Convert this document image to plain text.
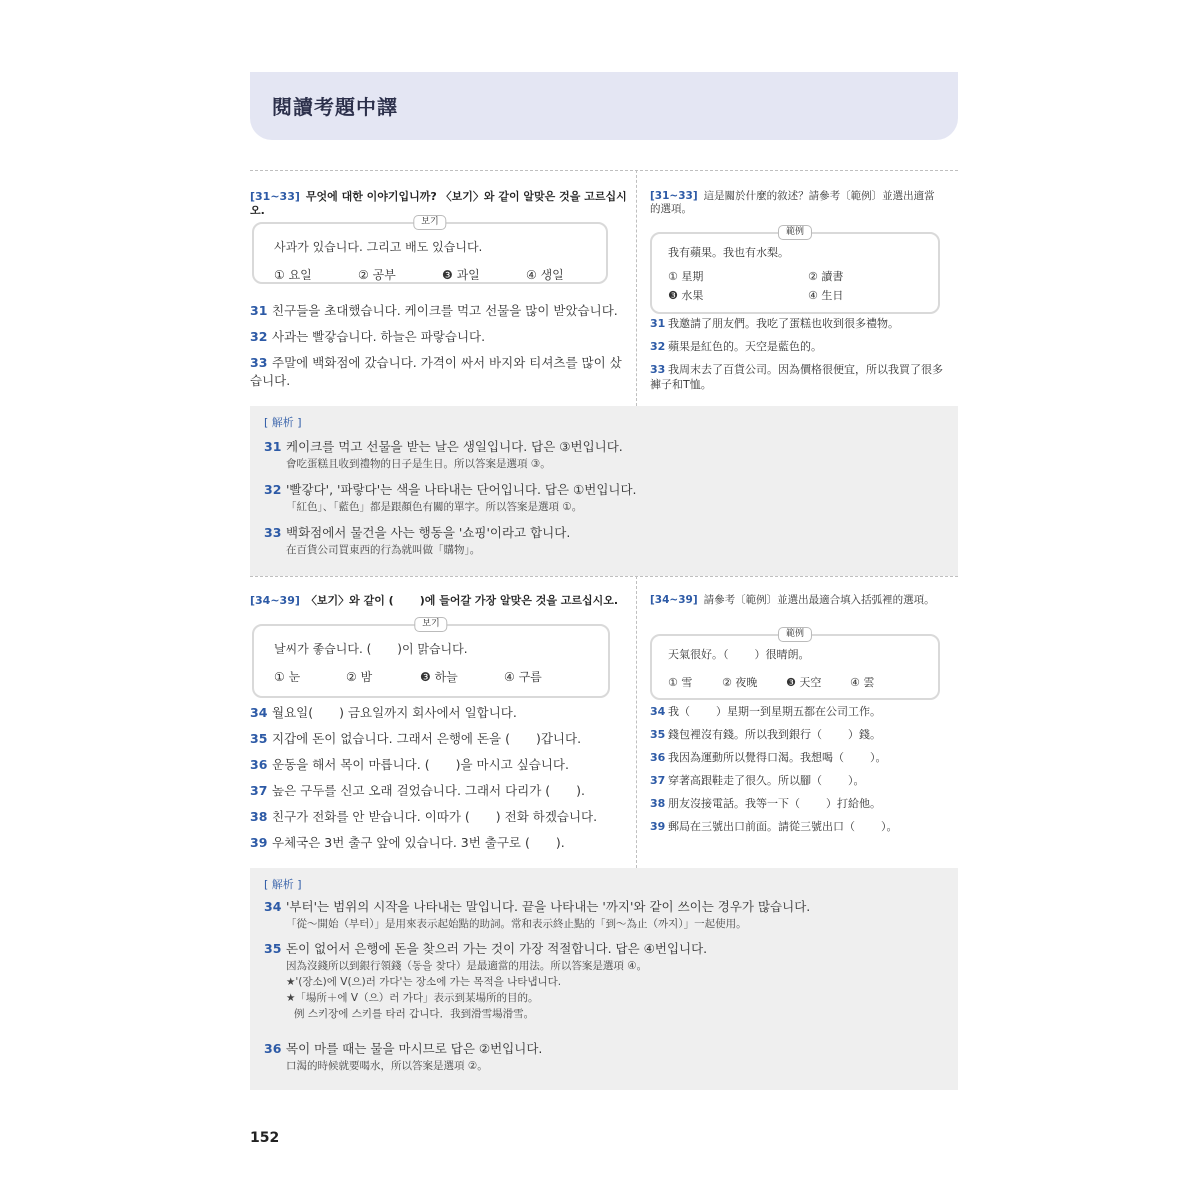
閱讀考題中譯
[31~33] 무엇에 대한 이야기입니까? 〈보기〉와 같이 알맞은 것을 고르십시오.
보기
사과가 있습니다. 그리고 배도 있습니다.
① 요일	② 공부	❸ 과일	④ 생일
31 친구들을 초대했습니다. 케이크를 먹고 선물을 많이 받았습니다.
32 사과는 빨갛습니다. 하늘은 파랗습니다.
33 주말에 백화점에 갔습니다. 가격이 싸서 바지와 티셔츠를 많이 샀습니다.
[31~33] 這是關於什麼的敘述？請參考〔範例〕並選出適當的選項。
範例
我有蘋果。我也有水梨。
① 星期	② 讀書
❸ 水果	④ 生日
31 我邀請了朋友們。我吃了蛋糕也收到很多禮物。
32 蘋果是紅色的。天空是藍色的。
33 我周末去了百貨公司。因為價格很便宜，所以我買了很多褲子和T恤。
[ 解析 ]
31 케이크를 먹고 선물을 받는 날은 생일입니다. 답은 ③번입니다.
會吃蛋糕且收到禮物的日子是生日。所以答案是選項 ③。
32 '빨갛다', '파랗다'는 색을 나타내는 단어입니다. 답은 ①번입니다.
「紅色」、「藍色」都是跟顏色有關的單字。所以答案是選項 ①。
33 백화점에서 물건을 사는 행동을 '쇼핑'이라고 합니다.
在百貨公司買東西的行為就叫做「購物」。
[34~39] 〈보기〉와 같이 ( )에 들어갈 가장 알맞은 것을 고르십시오.
보기
날씨가 좋습니다. ( )이 맑습니다.
① 눈	② 밤	❸ 하늘	④ 구름
34 월요일( ) 금요일까지 회사에서 일합니다.
35 지갑에 돈이 없습니다. 그래서 은행에 돈을 ( )갑니다.
36 운동을 해서 목이 마릅니다. ( )을 마시고 싶습니다.
37 높은 구두를 신고 오래 걸었습니다. 그래서 다리가 ( ).
38 친구가 전화를 안 받습니다. 이따가 ( ) 전화 하겠습니다.
39 우체국은 3번 출구 앞에 있습니다. 3번 출구로 ( ).
[34~39] 請參考〔範例〕並選出最適合填入括弧裡的選項。
範例
天氣很好。（ ）很晴朗。
① 雪	② 夜晚	❸ 天空	④ 雲
34 我（ ）星期一到星期五都在公司工作。
35 錢包裡沒有錢。所以我到銀行（ ）錢。
36 我因為運動所以覺得口渴。我想喝（ ）。
37 穿著高跟鞋走了很久。所以腳（ ）。
38 朋友沒接電話。我等一下（ ）打給他。
39 郵局在三號出口前面。請從三號出口（ ）。
[ 解析 ]
34 '부터'는 범위의 시작을 나타내는 말입니다. 끝을 나타내는 '까지'와 같이 쓰이는 경우가 많습니다.
「從～開始（부터）」是用來表示起始點的助詞。常和表示終止點的「到～為止（까지）」一起使用。
35 돈이 없어서 은행에 돈을 찾으러 가는 것이 가장 적절합니다. 답은 ④번입니다.
因為沒錢所以到銀行領錢（동을 찾다）是最適當的用法。所以答案是選項 ④。
★'(장소)에 V(으)러 가다'는 장소에 가는 목적을 나타냅니다.
★「場所＋에 V（으）러 가다」表示到某場所的目的。
例 스키장에 스키를 타러 갑니다．我到滑雪場滑雪。
36 목이 마를 때는 물을 마시므로 답은 ②번입니다.
口渴的時候就要喝水，所以答案是選項 ②。
152
